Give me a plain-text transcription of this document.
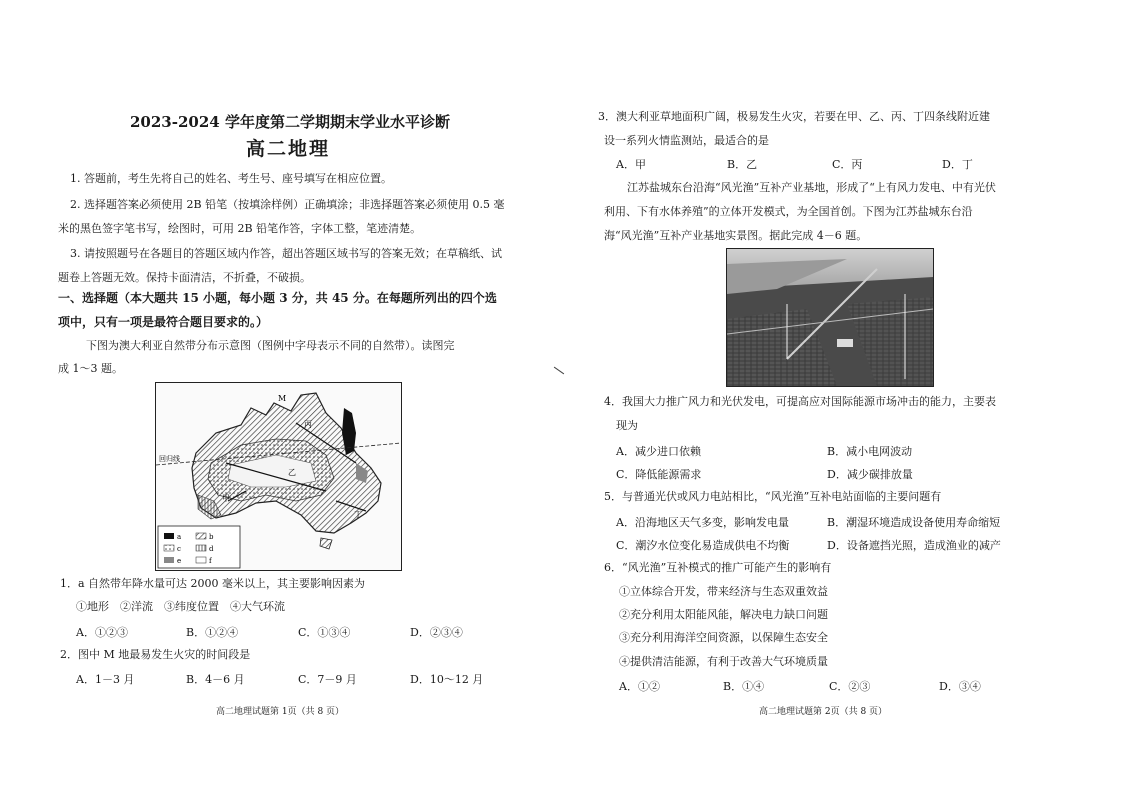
2023-2024 学年度第二学期期末学业水平诊断
高二地理
1. 答题前，考生先将自己的姓名、考生号、座号填写在相应位置。
2. 选择题答案必须使用 2B 铅笔（按填涂样例）正确填涂；非选择题答案必须使用 0.5 毫
米的黑色签字笔书写，绘图时，可用 2B 铅笔作答，字体工整，笔迹清楚。
3. 请按照题号在各题目的答题区域内作答，超出答题区域书写的答案无效；在草稿纸、试
题卷上答题无效。保持卡面清洁，不折叠，不破损。
一、选择题（本大题共 15 小题，每小题 3 分，共 45 分。在每题所列出的四个选
项中，只有一项是最符合题目要求的。）
下图为澳大利亚自然带分布示意图（图例中字母表示不同的自然带）。读图完
成 1～3 题。
a	b
c	d
e	f
M
丙
乙
甲
丁
回归线
1．a 自然带年降水量可达 2000 毫米以上，其主要影响因素为
①地形　②洋流　③纬度位置　④大气环流
A．①②③	B．①②④	C．①③④	D．②③④
2．图中 M 地最易发生火灾的时间段是
A．1－3 月	B．4－6 月	C．7－9 月	D．10～12 月
高二地理试题第 1页（共 8 页）
3．澳大利亚草地面积广阔，极易发生火灾，若要在甲、乙、丙、丁四条线附近建
设一系列火情监测站，最适合的是
A．甲	B．乙	C．丙	D．丁
江苏盐城东台沿海“风光渔”互补产业基地，形成了“上有风力发电、中有光伏
利用、下有水体养殖”的立体开发模式，为全国首创。下图为江苏盐城东台沿
海“风光渔”互补产业基地实景图。据此完成 4－6 题。
4．我国大力推广风力和光伏发电，可提高应对国际能源市场冲击的能力，主要表
现为
A．减少进口依赖	B．减小电网波动
C．降低能源需求	D．减少碳排放量
5．与普通光伏或风力电站相比，“风光渔”互补电站面临的主要问题有
A．沿海地区天气多变，影响发电量	B．潮湿环境造成设备使用寿命缩短
C．潮汐水位变化易造成供电不均衡	D．设备遮挡光照，造成渔业的减产
6．“风光渔”互补模式的推广可能产生的影响有
①立体综合开发，带来经济与生态双重效益
②充分利用太阳能风能，解决电力缺口问题
③充分利用海洋空间资源，以保障生态安全
④提供清洁能源，有利于改善大气环境质量
A．①②	B．①④	C．②③	D．③④
高二地理试题第 2页（共 8 页）
